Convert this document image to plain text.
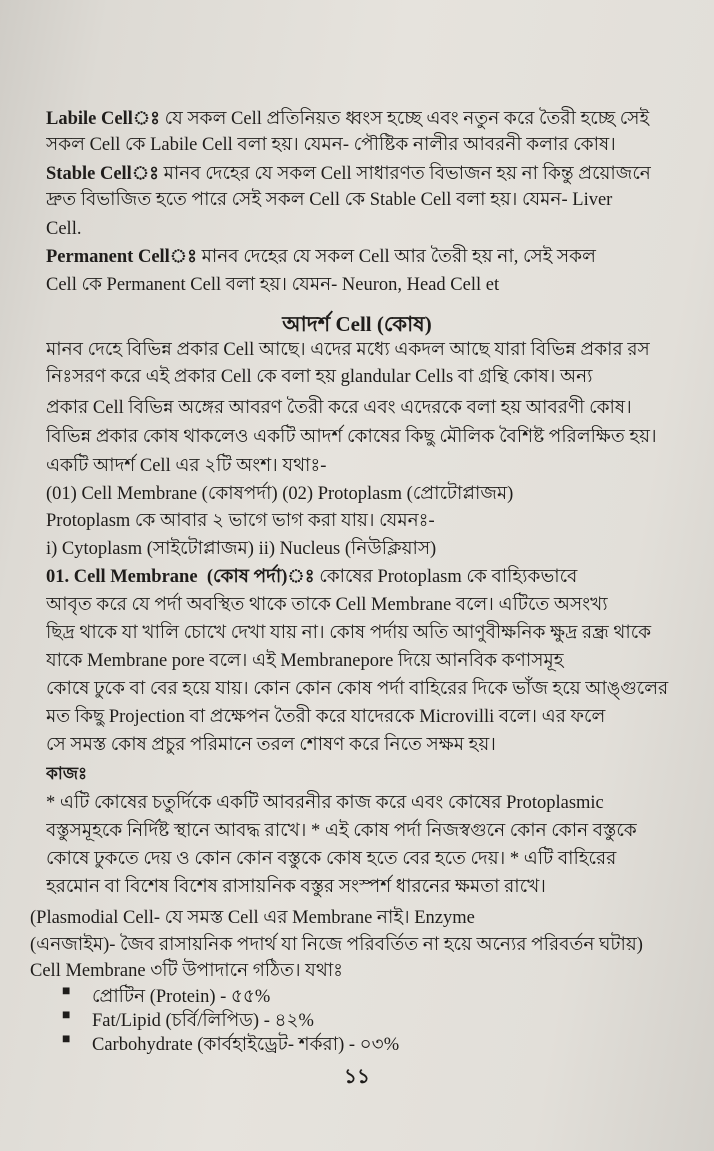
Labile Cellঃ যে সকল Cell প্রতিনিয়ত ধ্বংস হচ্ছে এবং নতুন করে তৈরী হচ্ছে সেই
সকল Cell কে Labile Cell বলা হয়। যেমন- পৌষ্টিক নালীর আবরনী কলার কোষ।
Stable Cellঃ মানব দেহের যে সকল Cell সাধারণত বিভাজন হয় না কিন্তু প্রয়োজনে
দ্রুত বিভাজিত হতে পারে সেই সকল Cell কে Stable Cell বলা হয়। যেমন- Liver
Cell.
Permanent Cellঃ মানব দেহের যে সকল Cell আর তৈরী হয় না, সেই সকল
Cell কে Permanent Cell বলা হয়। যেমন- Neuron, Head Cell et
আদর্শ Cell (কোষ)
মানব দেহে বিভিন্ন প্রকার Cell আছে। এদের মধ্যে একদল আছে যারা বিভিন্ন প্রকার রস
নিঃসরণ করে এই প্রকার Cell কে বলা হয় glandular Cells বা গ্রন্থি কোষ। অন্য
প্রকার Cell বিভিন্ন অঙ্গের আবরণ তৈরী করে এবং এদেরকে বলা হয় আবরণী কোষ।
বিভিন্ন প্রকার কোষ থাকলেও একটি আদর্শ কোষের কিছু মৌলিক বৈশিষ্ট পরিলক্ষিত হয়।
একটি আদর্শ Cell এর ২টি অংশ। যথাঃ-
(01) Cell Membrane (কোষপর্দা) (02) Protoplasm (প্রোটোপ্লাজম)
Protoplasm কে আবার ২ ভাগে ভাগ করা যায়। যেমনঃ-
i) Cytoplasm (সাইটোপ্লাজম) ii) Nucleus (নিউক্লিয়াস)
01. Cell Membrane (কোষ পর্দা)ঃ কোষের Protoplasm কে বাহ্যিকভাবে
আবৃত করে যে পর্দা অবস্থিত থাকে তাকে Cell Membrane বলে। এটিতে অসংখ্য
ছিদ্র থাকে যা খালি চোখে দেখা যায় না। কোষ পর্দায় অতি আণুবীক্ষনিক ক্ষুদ্র রন্ধ্র থাকে
যাকে Membrane pore বলে। এই Membranepore দিয়ে আনবিক কণাসমূহ
কোষে ঢুকে বা বের হয়ে যায়। কোন কোন কোষ পর্দা বাহিরের দিকে ভাঁজ হয়ে আঙ্গুলের
মত কিছু Projection বা প্রক্ষেপন তৈরী করে যাদেরকে Microvilli বলে। এর ফলে
সে সমস্ত কোষ প্রচুর পরিমানে তরল শোষণ করে নিতে সক্ষম হয়।
কাজঃ
* এটি কোষের চতুর্দিকে একটি আবরনীর কাজ করে এবং কোষের Protoplasmic
বস্তুসমূহকে নির্দিষ্ট স্থানে আবদ্ধ রাখে। * এই কোষ পর্দা নিজস্বগুনে কোন কোন বস্তুকে
কোষে ঢুকতে দেয় ও কোন কোন বস্তুকে কোষ হতে বের হতে দেয়। * এটি বাহিরের
হরমোন বা বিশেষ বিশেষ রাসায়নিক বস্তুর সংস্পর্শ ধারনের ক্ষমতা রাখে।
(Plasmodial Cell- যে সমস্ত Cell এর Membrane নাই। Enzyme
(এনজাইম)- জৈব রাসায়নিক পদার্থ যা নিজে পরিবর্তিত না হয়ে অন্যের পরিবর্তন ঘটায়)
Cell Membrane ৩টি উপাদানে গঠিত। যথাঃ
■ প্রোটিন (Protein) - ৫৫%
■ Fat/Lipid (চর্বি/লিপিড) - ৪২%
■ Carbohydrate (কার্বহাইড্রেট- শর্করা) - ০৩%
১১
